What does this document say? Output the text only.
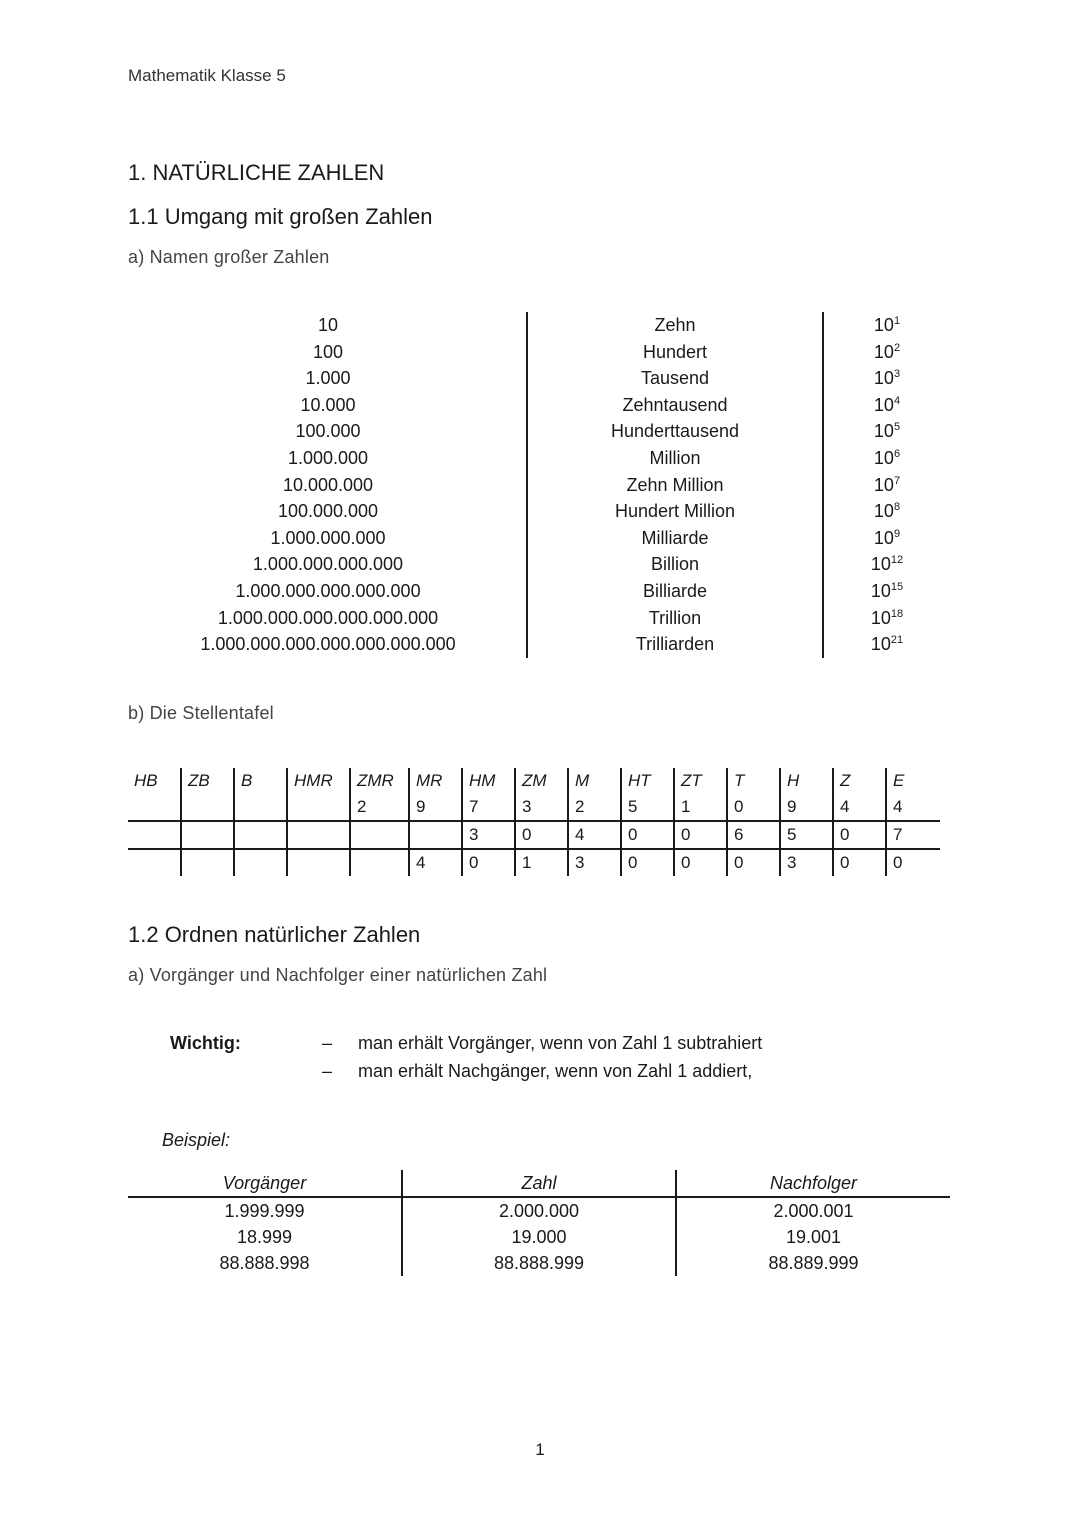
Mathematik Klasse 5
1. NATÜRLICHE ZAHLEN
1.1 Umgang mit großen Zahlen
a) Namen großer Zahlen
10	Zehn	$10^1$
100	Hundert	$10^2$
1.000	Tausend	$10^3$
10.000	Zehntausend	$10^4$
100.000	Hunderttausend	$10^5$
1.000.000	Million	$10^6$
10.000.000	Zehn Million	$10^7$
100.000.000	Hundert Million	$10^8$
1.000.000.000	Milliarde	$10^9$
1.000.000.000.000	Billion	$10^{12}$
1.000.000.000.000.000	Billiarde	$10^{15}$
1.000.000.000.000.000.000	Trillion	$10^{18}$
1.000.000.000.000.000.000.000	Trilliarden	$10^{21}$
b) Die Stellentafel
HB	ZB	B	HMR	ZMR	MR	HM	ZM	M	HT	ZT	T	H	Z	E
				2	9	7	3	2	5	1	0	9	4	4
						3	0	4	0	0	6	5	0	7
					4	0	1	3	0	0	0	3	0	0
1.2 Ordnen natürlicher Zahlen
a) Vorgänger und Nachfolger einer natürlichen Zahl
Wichtig:	– man erhält Vorgänger, wenn von Zahl 1 subtrahiert
– man erhält Nachgänger, wenn von Zahl 1 addiert,
Beispiel:
Vorgänger	Zahl	Nachfolger
1.999.999	2.000.000	2.000.001
18.999	19.000	19.001
88.888.998	88.888.999	88.889.999
1
